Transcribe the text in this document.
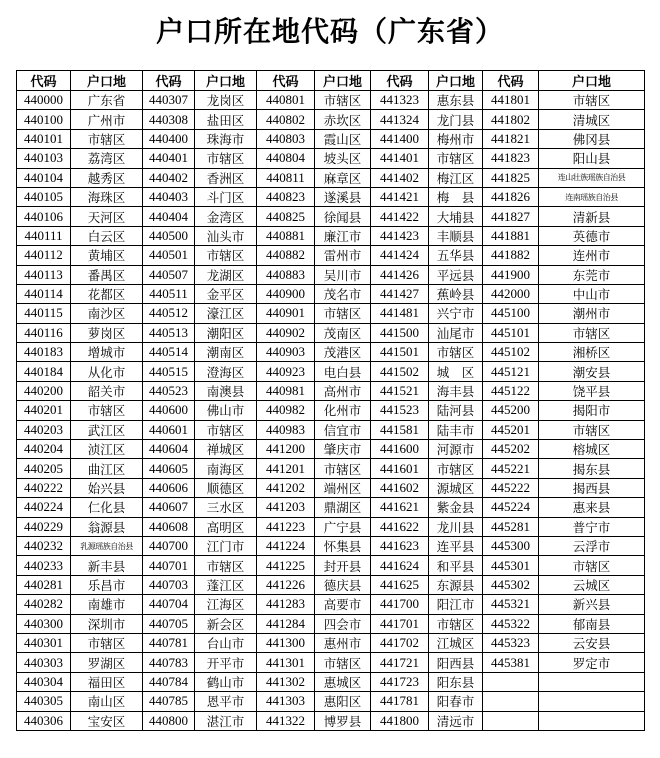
户口所在地代码（广东省）
代码	户口地	代码	户口地	代码	户口地	代码	户口地	代码	户口地
440000	广东省	440307	龙岗区	440801	市辖区	441323	惠东县	441801	市辖区
440100	广州市	440308	盐田区	440802	赤坎区	441324	龙门县	441802	清城区
440101	市辖区	440400	珠海市	440803	霞山区	441400	梅州市	441821	佛冈县
440103	荔湾区	440401	市辖区	440804	坡头区	441401	市辖区	441823	阳山县
440104	越秀区	440402	香洲区	440811	麻章区	441402	梅江区	441825	连山壮族瑶族自治县
440105	海珠区	440403	斗门区	440823	遂溪县	441421	梅　县	441826	连南瑶族自治县
440106	天河区	440404	金湾区	440825	徐闻县	441422	大埔县	441827	清新县
440111	白云区	440500	汕头市	440881	廉江市	441423	丰顺县	441881	英德市
440112	黄埔区	440501	市辖区	440882	雷州市	441424	五华县	441882	连州市
440113	番禺区	440507	龙湖区	440883	吴川市	441426	平远县	441900	东莞市
440114	花都区	440511	金平区	440900	茂名市	441427	蕉岭县	442000	中山市
440115	南沙区	440512	濠江区	440901	市辖区	441481	兴宁市	445100	潮州市
440116	萝岗区	440513	潮阳区	440902	茂南区	441500	汕尾市	445101	市辖区
440183	增城市	440514	潮南区	440903	茂港区	441501	市辖区	445102	湘桥区
440184	从化市	440515	澄海区	440923	电白县	441502	城　区	445121	潮安县
440200	韶关市	440523	南澳县	440981	高州市	441521	海丰县	445122	饶平县
440201	市辖区	440600	佛山市	440982	化州市	441523	陆河县	445200	揭阳市
440203	武江区	440601	市辖区	440983	信宜市	441581	陆丰市	445201	市辖区
440204	浈江区	440604	禅城区	441200	肇庆市	441600	河源市	445202	榕城区
440205	曲江区	440605	南海区	441201	市辖区	441601	市辖区	445221	揭东县
440222	始兴县	440606	顺德区	441202	端州区	441602	源城区	445222	揭西县
440224	仁化县	440607	三水区	441203	鼎湖区	441621	紫金县	445224	惠来县
440229	翁源县	440608	高明区	441223	广宁县	441622	龙川县	445281	普宁市
440232	乳源瑶族自治县	440700	江门市	441224	怀集县	441623	连平县	445300	云浮市
440233	新丰县	440701	市辖区	441225	封开县	441624	和平县	445301	市辖区
440281	乐昌市	440703	蓬江区	441226	德庆县	441625	东源县	445302	云城区
440282	南雄市	440704	江海区	441283	高要市	441700	阳江市	445321	新兴县
440300	深圳市	440705	新会区	441284	四会市	441701	市辖区	445322	郁南县
440301	市辖区	440781	台山市	441300	惠州市	441702	江城区	445323	云安县
440303	罗湖区	440783	开平市	441301	市辖区	441721	阳西县	445381	罗定市
440304	福田区	440784	鹤山市	441302	惠城区	441723	阳东县		
440305	南山区	440785	恩平市	441303	惠阳区	441781	阳春市		
440306	宝安区	440800	湛江市	441322	博罗县	441800	清远市		
